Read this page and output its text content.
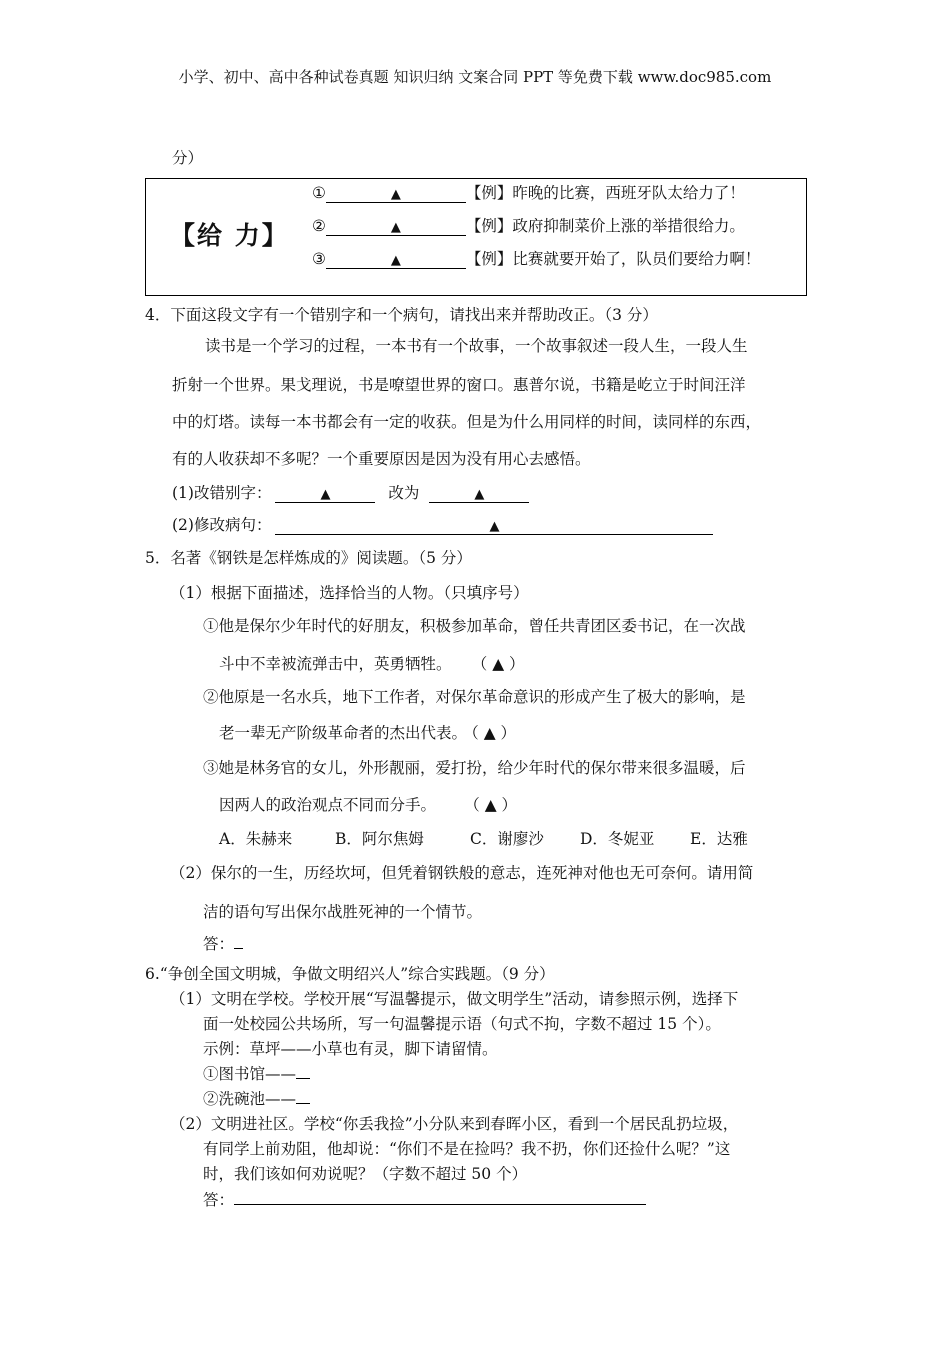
小学、初中、高中各种试卷真题 知识归纳 文案合同 PPT 等免费下载 www.doc985.com
分）
【给 力】
①	▲	【例】昨晚的比赛，西班牙队太给力了！
②	▲	【例】政府抑制菜价上涨的举措很给力。
③	▲	【例】比赛就要开始了，队员们要给力啊！
4．下面这段文字有一个错别字和一个病句，请找出来并帮助改正。（3 分）
读书是一个学习的过程，一本书有一个故事，一个故事叙述一段人生，一段人生
折射一个世界。果戈理说，书是嘹望世界的窗口。惠普尔说，书籍是屹立于时间汪洋
中的灯塔。读每一本书都会有一定的收获。但是为什么用同样的时间，读同样的东西，
有的人收获却不多呢？一个重要原因是因为没有用心去感悟。
(1)改错别字：	▲	改为	▲
(2)修改病句：	▲
5．名著《钢铁是怎样炼成的》阅读题。（5 分）
（1）根据下面描述，选择恰当的人物。（只填序号）
①他是保尔少年时代的好朋友，积极参加革命，曾任共青团区委书记，在一次战
斗中不幸被流弹击中，英勇牺牲。 （ ▲ ）
②他原是一名水兵，地下工作者，对保尔革命意识的形成产生了极大的影响，是
老一辈无产阶级革命者的杰出代表。 （ ▲ ）
③她是林务官的女儿，外形靓丽，爱打扮，给少年时代的保尔带来很多温暖，后
因两人的政治观点不同而分手。 （ ▲ ）
A．朱赫来	B．阿尔焦姆	C．谢廖沙 D．冬妮亚 E．达雅
（2）保尔的一生，历经坎坷，但凭着钢铁般的意志，连死神对他也无可奈何。请用简
洁的语句写出保尔战胜死神的一个情节。
答：
6.“争创全国文明城，争做文明绍兴人”综合实践题。（9 分）
（1）文明在学校。学校开展“写温馨提示，做文明学生”活动，请参照示例，选择下
面一处校园公共场所，写一句温馨提示语（句式不拘，字数不超过 15 个）。
示例：草坪——小草也有灵，脚下请留情。
①图书馆——
②洗碗池——
（2）文明进社区。学校“你丢我捡”小分队来到春晖小区，看到一个居民乱扔垃圾，
有同学上前劝阻，他却说：“你们不是在捡吗？我不扔，你们还捡什么呢？”这
时，我们该如何劝说呢？（字数不超过 50 个）
答：
